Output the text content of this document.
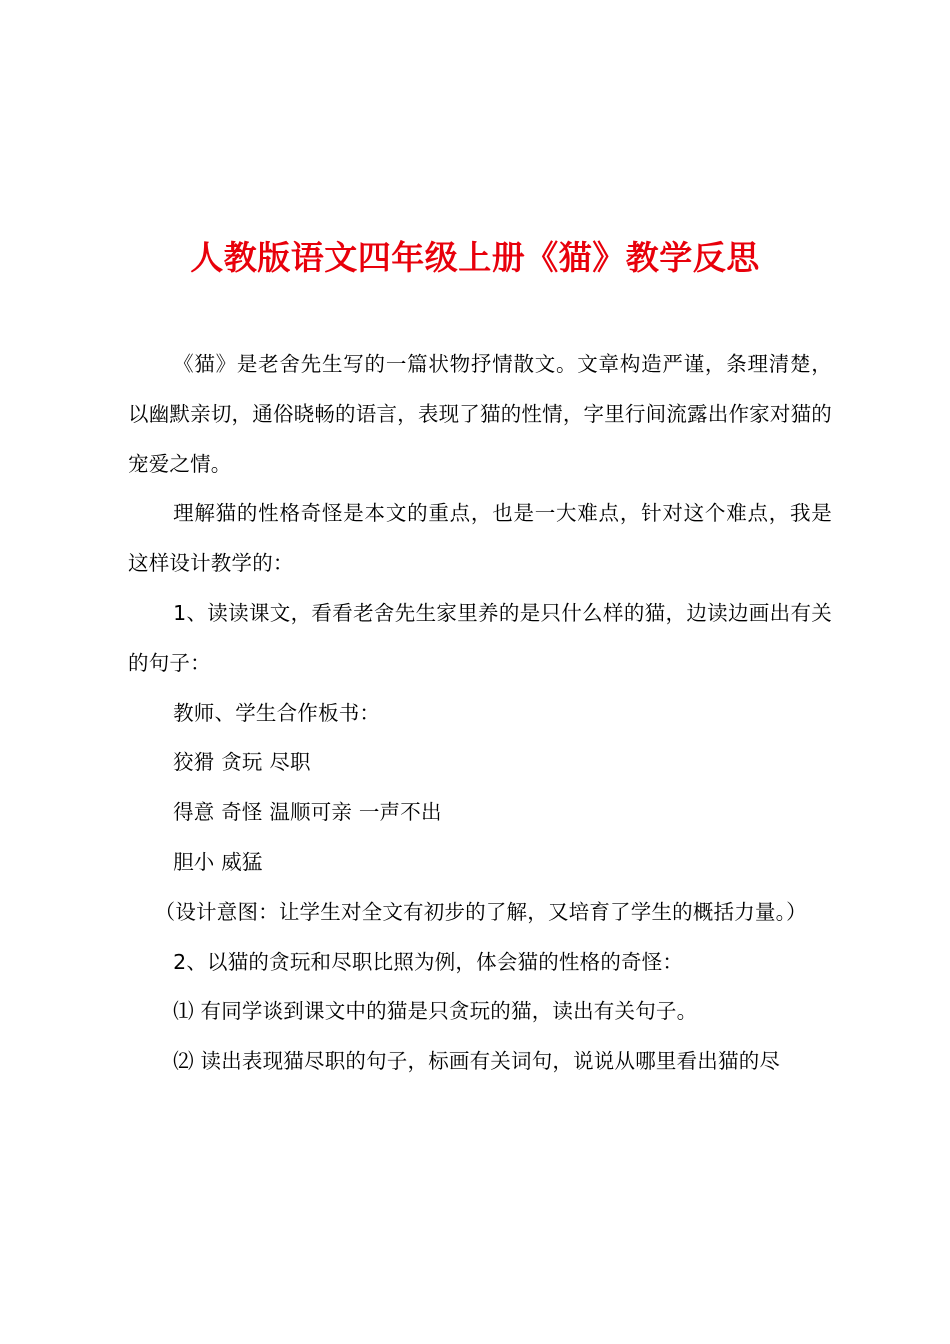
人教版语文四年级上册《猫》教学反思

《猫》是老舍先生写的一篇状物抒情散文。文章构造严谨，条理清楚，以幽默亲切，通俗晓畅的语言，表现了猫的性情，字里行间流露出作家对猫的宠爱之情。

理解猫的性格奇怪是本文的重点，也是一大难点，针对这个难点，我是这样设计教学的：

1、读读课文，看看老舍先生家里养的是只什么样的猫，边读边画出有关的句子：

教师、学生合作板书：

狡猾 贪玩 尽职

得意 奇怪 温顺可亲 一声不出

胆小 威猛

（设计意图：让学生对全文有初步的了解，又培育了学生的概括力量。）

2、以猫的贪玩和尽职比照为例，体会猫的性格的奇怪：

⑴ 有同学谈到课文中的猫是只贪玩的猫，读出有关句子。

⑵ 读出表现猫尽职的句子，标画有关词句，说说从哪里看出猫的尽
